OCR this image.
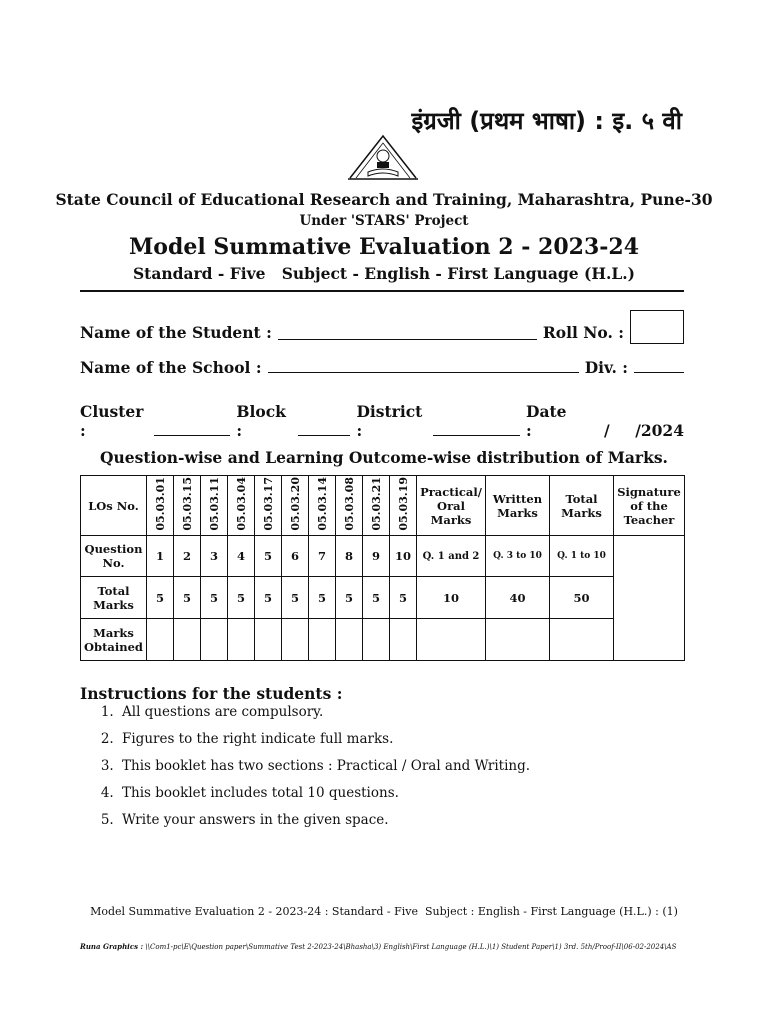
इंग्रजी (प्रथम भाषा) : इ. ५ वी
State Council of Educational Research and Training, Maharashtra, Pune-30
Under 'STARS' Project
Model Summative Evaluation 2 - 2023-24
Standard - Five   Subject - English - First Language (H.L.)
Name of the Student :	Roll No. :
Name of the School :	Div. :
Cluster :
Block :
District :
Date :	/ / 2024
Question-wise and Learning Outcome-wise distribution of Marks.
LOs No.	05.03.01	05.03.15	05.03.11	05.03.04	05.03.17	05.03.20	05.03.14	05.03.08	05.03.21	05.03.19	Practical/ Oral Marks	Written Marks	Total Marks	Signature of the Teacher
Question No.	1	2	3	4	5	6	7	8	9	10	Q. 1 and 2	Q. 3 to 10	Q. 1 to 10	
Total Marks	5	5	5	5	5	5	5	5	5	5	10	40	50	
Marks Obtained														
Instructions for the students :
1. All questions are compulsory.
2. Figures to the right indicate full marks.
3. This booklet has two sections : Practical / Oral and Writing.
4. This booklet includes total 10 questions.
5. Write your answers in the given space.
Model Summative Evaluation 2 - 2023-24 : Standard - Five  Subject : English - First Language (H.L.) : (1)
Runa Graphics : \\Com1-pc\E\Question paper\Summative Test 2-2023-24\Bhasha\3) English\First Language (H.L.)\1) Student Paper\1) 3rd. 5th/Proof-II\06-02-2024\AS
